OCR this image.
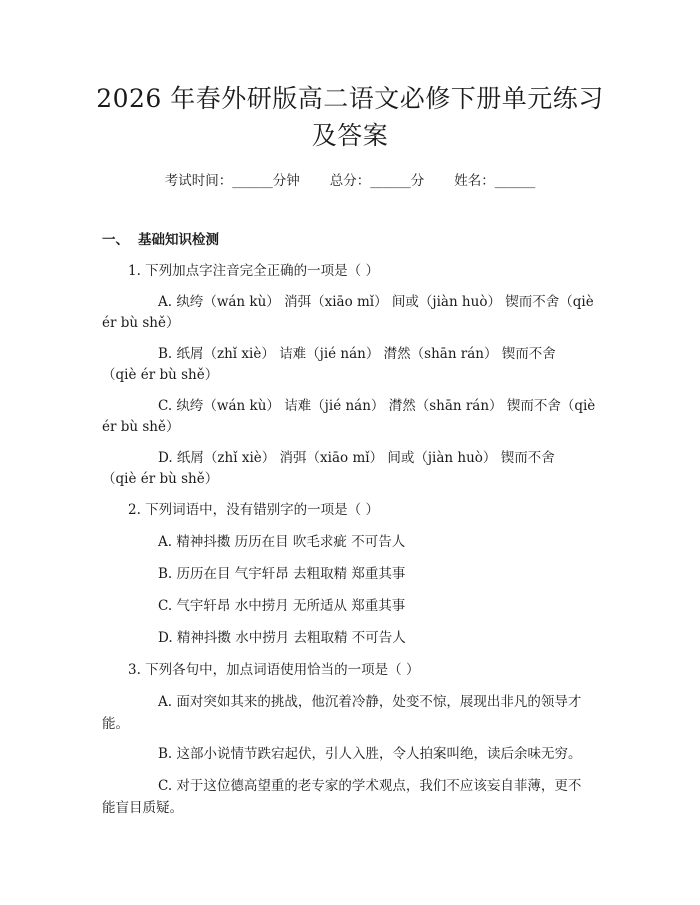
2026 年春外研版高二语文必修下册单元练习
及答案
考试时间：______分钟 总分：______分 姓名：______
一、 基础知识检测
1. 下列加点字注音完全正确的一项是（ ）
A. 纨绔（wán kù） 消弭（xiāo mǐ） 间或（jiàn huò） 锲而不舍（qiè
ér bù shě）
B. 纸屑（zhǐ xiè） 诘难（jié nán） 潸然（shān rán） 锲而不舍
（qiè ér bù shě）
C. 纨绔（wán kù） 诘难（jié nán） 潸然（shān rán） 锲而不舍（qiè
ér bù shě）
D. 纸屑（zhǐ xiè） 消弭（xiāo mǐ） 间或（jiàn huò） 锲而不舍
（qiè ér bù shě）
2. 下列词语中，没有错别字的一项是（ ）
A. 精神抖擞 历历在目 吹毛求疵 不可告人
B. 历历在目 气宇轩昂 去粗取精 郑重其事
C. 气宇轩昂 水中捞月 无所适从 郑重其事
D. 精神抖擞 水中捞月 去粗取精 不可告人
3. 下列各句中，加点词语使用恰当的一项是（ ）
A. 面对突如其来的挑战，他沉着冷静，处变不惊，展现出非凡的领导才
能。
B. 这部小说情节跌宕起伏，引人入胜，令人拍案叫绝，读后余味无穷。
C. 对于这位德高望重的老专家的学术观点，我们不应该妄自菲薄，更不
能盲目质疑。
